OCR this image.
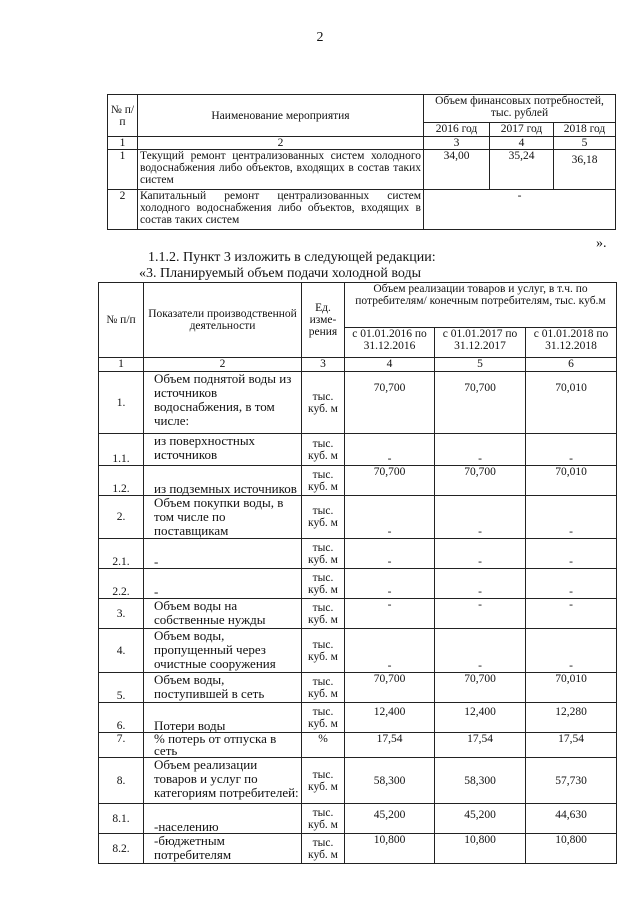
2
№ п/п	Наименование мероприятия	Объем финансовых потребностей, тыс. рублей		
		2016 год	2017 год	2018 год
1	2	3	4	5
1	Текущий ремонт централизованных систем холодного водоснабжения либо объектов, входящих в состав таких систем	34,00	35,24	36,18
2	Капитальный ремонт централизованных систем холодного водоснабжения либо объектов, входящих в состав таких систем	-		
».
1.1.2. Пункт 3 изложить в следующей редакции:
«3. Планируемый объем подачи холодной воды
№ п/п	Показатели производственной деятельности	Ед. изме- рения	Объем реализации товаров и услуг, в т.ч. по потребителям/ конечным потребителям, тыс. куб.м		
			с 01.01.2016 по 31.12.2016	с 01.01.2017 по 31.12.2017	с 01.01.2018 по 31.12.2018
1	2	3	4	5	6
1.	Объем поднятой воды из источников водоснабжения, в том числе:	тыс. куб. м	70,700	70,700	70,010
1.1.	из поверхностных источников	тыс. куб. м	-	-	-
1.2.	из подземных источников	тыс. куб. м	70,700	70,700	70,010
2.	Объем покупки воды, в том числе по поставщикам	тыс. куб. м	-	-	-
2.1.	-	тыс. куб. м	-	-	-
2.2.	-	тыс. куб. м	-	-	-
3.	Объем воды на собственные нужды	тыс. куб. м	-	-	-
4.	Объем воды, пропущенный через очистные сооружения	тыс. куб. м	-	-	-
5.	Объем воды, поступившей в сеть	тыс. куб. м	70,700	70,700	70,010
6.	Потери воды	тыс. куб. м	12,400	12,400	12,280
7.	% потерь от отпуска в сеть	%	17,54	17,54	17,54
8.	Объем реализации товаров и услуг по категориям потребителей:	тыс. куб. м	58,300	58,300	57,730
8.1.	-населению	тыс. куб. м	45,200	45,200	44,630
8.2.	-бюджетным потребителям	тыс. куб. м	10,800	10,800	10,800
